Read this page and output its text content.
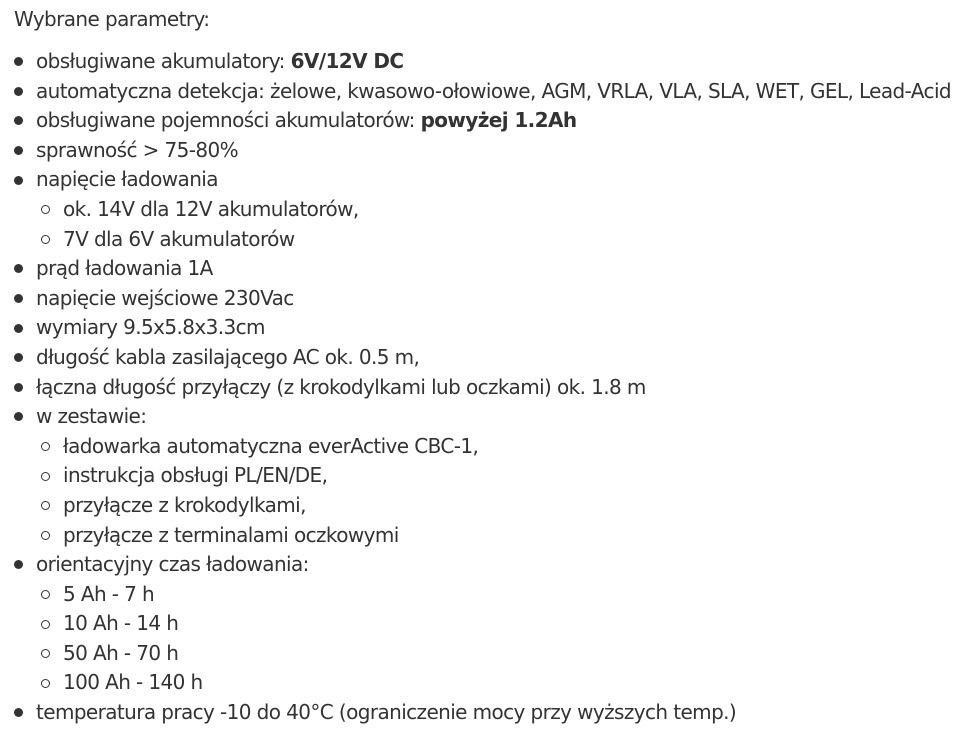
Wybrane parametry:
obsługiwane akumulatory: 6V/12V DC
automatyczna detekcja: żelowe, kwasowo-ołowiowe, AGM, VRLA, VLA, SLA, WET, GEL, Lead-Acid
obsługiwane pojemności akumulatorów: powyżej 1.2Ah
sprawność > 75-80%
napięcie ładowania
ok. 14V dla 12V akumulatorów,
7V dla 6V akumulatorów
prąd ładowania 1A
napięcie wejściowe 230Vac
wymiary 9.5x5.8x3.3cm
długość kabla zasilającego AC ok. 0.5 m,
łączna długość przyłączy (z krokodylkami lub oczkami) ok. 1.8 m
w zestawie:
ładowarka automatyczna everActive CBC-1,
instrukcja obsługi PL/EN/DE,
przyłącze z krokodylkami,
przyłącze z terminalami oczkowymi
orientacyjny czas ładowania:
5 Ah - 7 h
10 Ah - 14 h
50 Ah - 70 h
100 Ah - 140 h
temperatura pracy -10 do 40°C (ograniczenie mocy przy wyższych temp.)
